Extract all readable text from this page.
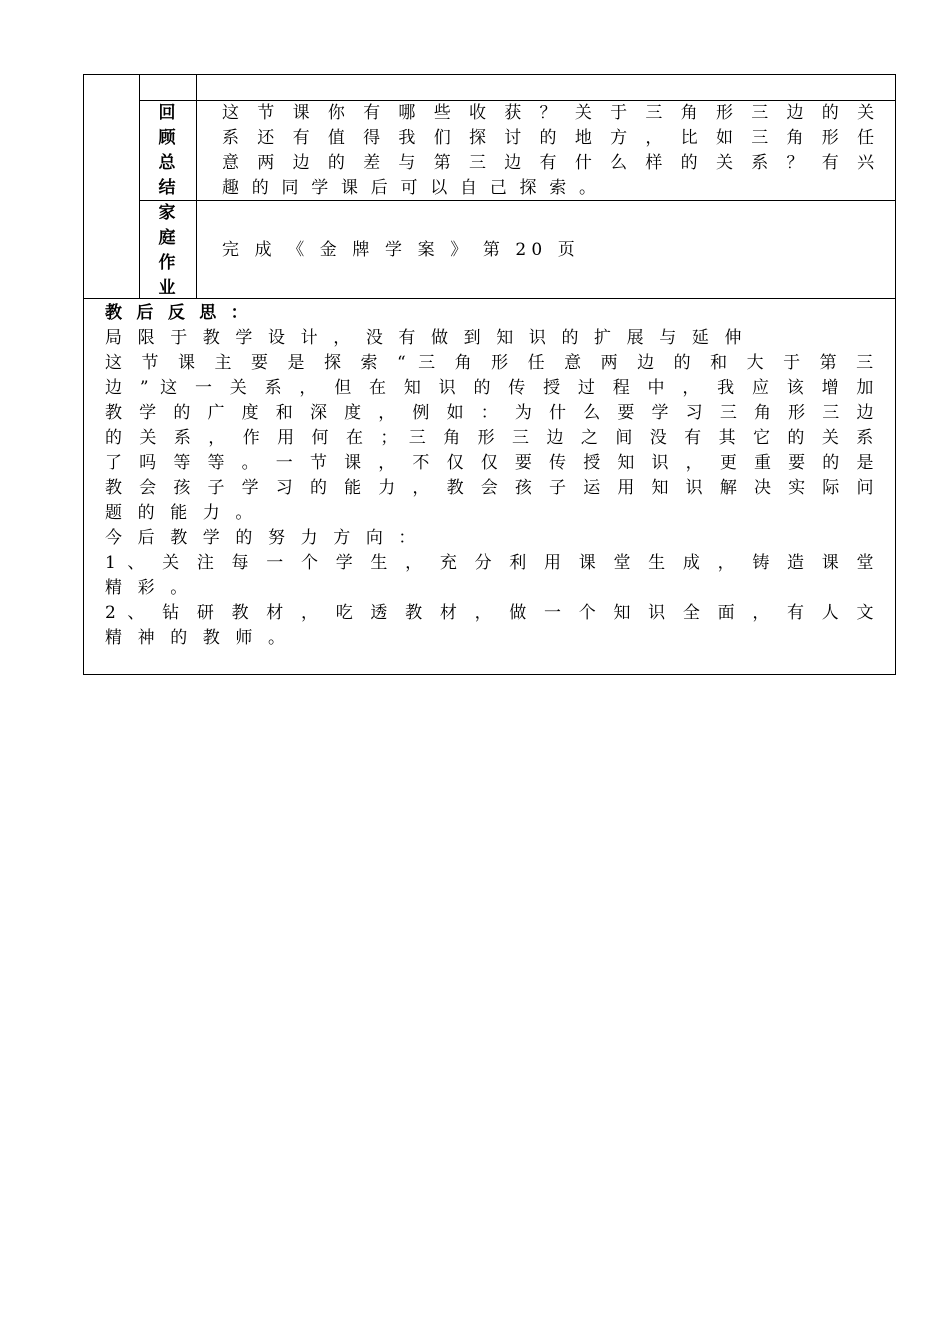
回
顾
总
结
这 节 课 你 有 哪 些 收 获 ？ 关 于 三 角 形 三 边 的 关
系 还 有 值 得 我 们 探 讨 的 地 方 ， 比 如 三 角 形 任
意 两 边 的 差 与 第 三 边 有 什 么 样 的 关 系 ？ 有 兴
趣的同学课后可以自己探索。
家
庭
作
业
完 成 《 金 牌 学 案 》 第 20 页
教 后 反 思 ：
局 限 于 教 学 设 计 ， 没 有 做 到 知 识 的 扩 展 与 延 伸
这 节 课 主 要 是 探 索 “ 三 角 形 任 意 两 边 的 和 大 于 第 三
边 ” 这 一 关 系 ， 但 在 知 识 的 传 授 过 程 中 ， 我 应 该 增 加
教 学 的 广 度 和 深 度 ， 例 如 ： 为 什 么 要 学 习 三 角 形 三 边
的 关 系 ， 作 用 何 在 ； 三 角 形 三 边 之 间 没 有 其 它 的 关 系
了 吗 等 等 。 一 节 课 ， 不 仅 仅 要 传 授 知 识 ， 更 重 要 的 是
教 会 孩 子 学 习 的 能 力 ， 教 会 孩 子 运 用 知 识 解 决 实 际 问
题 的 能 力 。
今 后 教 学 的 努 力 方 向 ：
1 、 关 注 每 一 个 学 生 ， 充 分 利 用 课 堂 生 成 ， 铸 造 课 堂
精 彩 。
2 、 钻 研 教 材 ， 吃 透 教 材 ， 做 一 个 知 识 全 面 ， 有 人 文
精 神 的 教 师 。
